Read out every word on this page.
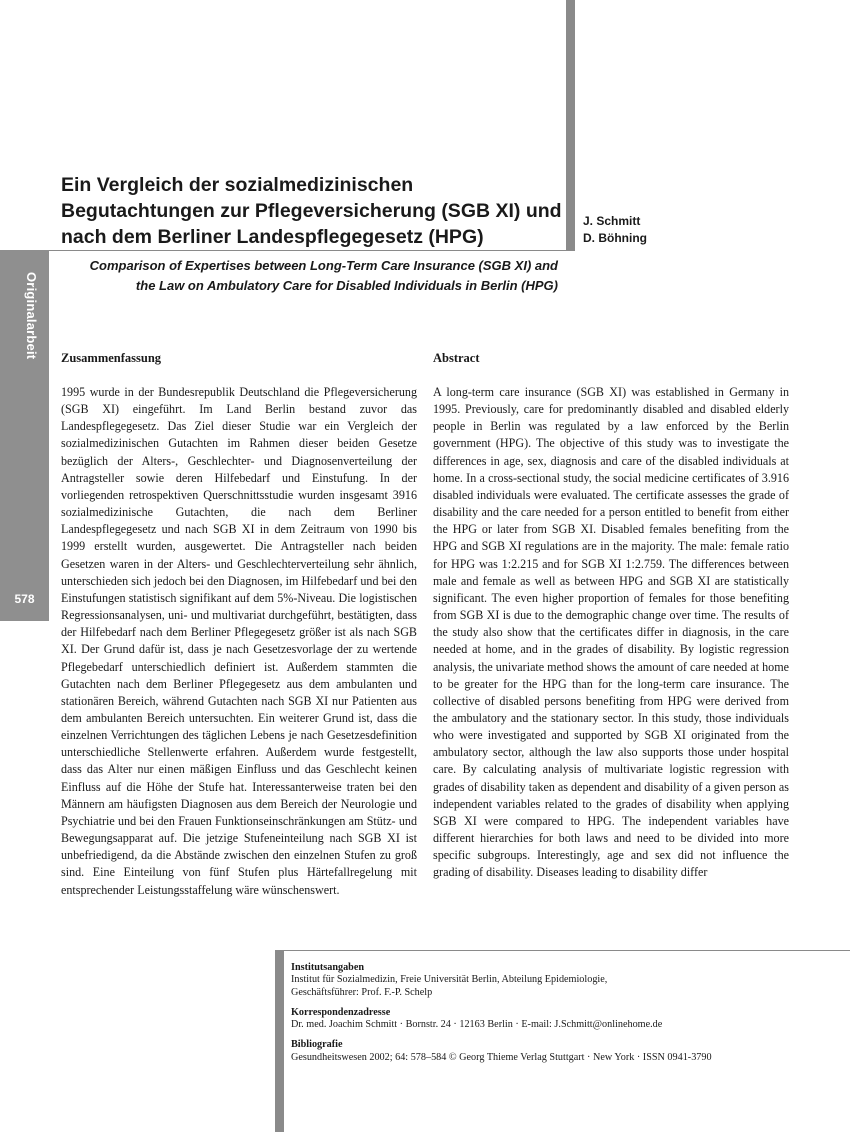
Originalarbeit
578
Ein Vergleich der sozialmedizinischen Begutachtungen zur Pflegeversicherung (SGB XI) und nach dem Berliner Landespflegegesetz (HPG)
J. Schmitt
D. Böhning

Comparison of Expertises between Long-Term Care Insurance (SGB XI) and the Law on Ambulatory Care for Disabled Individuals in Berlin (HPG)

Zusammenfassung

1995 wurde in der Bundesrepublik Deutschland die Pflegeversicherung (SGB XI) eingeführt. Im Land Berlin bestand zuvor das Landespflegegesetz. Das Ziel dieser Studie war ein Vergleich der sozialmedizinischen Gutachten im Rahmen dieser beiden Gesetze bezüglich der Alters-, Geschlechter- und Diagnosenverteilung der Antragsteller sowie deren Hilfebedarf und Einstufung. In der vorliegenden retrospektiven Querschnittsstudie wurden insgesamt 3916 sozialmedizinische Gutachten, die nach dem Berliner Landespflegegesetz und nach SGB XI in dem Zeitraum von 1990 bis 1999 erstellt wurden, ausgewertet. Die Antragsteller nach beiden Gesetzen waren in der Alters- und Geschlechterverteilung sehr ähnlich, unterschieden sich jedoch bei den Diagnosen, im Hilfebedarf und bei den Einstufungen statistisch signifikant auf dem 5%-Niveau. Die logistischen Regressionsanalysen, uni- und multivariat durchgeführt, bestätigten, dass der Hilfebedarf nach dem Berliner Pflegegesetz größer ist als nach SGB XI. Der Grund dafür ist, dass je nach Gesetzesvorlage der zu wertende Pflegebedarf unterschiedlich definiert ist. Außerdem stammten die Gutachten nach dem Berliner Pflegegesetz aus dem ambulanten und stationären Bereich, während Gutachten nach SGB XI nur Patienten aus dem ambulanten Bereich untersuchten. Ein weiterer Grund ist, dass die einzelnen Verrichtungen des täglichen Lebens je nach Gesetzesdefinition unterschiedliche Stellenwerte erfahren. Außerdem wurde festgestellt, dass das Alter nur einen mäßigen Einfluss und das Geschlecht keinen Einfluss auf die Höhe der Stufe hat. Interessanterweise traten bei den Männern am häufigsten Diagnosen aus dem Bereich der Neurologie und Psychiatrie und bei den Frauen Funktionseinschränkungen am Stütz- und Bewegungsapparat auf. Die jetzige Stufeneinteilung nach SGB XI ist unbefriedigend, da die Abstände zwischen den einzelnen Stufen zu groß sind. Eine Einteilung von fünf Stufen plus Härtefallregelung mit entsprechender Leistungsstaffelung wäre wünschenswert.

Abstract

A long-term care insurance (SGB XI) was established in Germany in 1995. Previously, care for predominantly disabled and disabled elderly people in Berlin was regulated by a law enforced by the Berlin government (HPG). The objective of this study was to investigate the differences in age, sex, diagnosis and care of the disabled individuals at home. In a cross-sectional study, the social medicine certificates of 3.916 disabled individuals were evaluated. The certificate assesses the grade of disability and the care needed for a person entitled to benefit from either the HPG or later from SGB XI. Disabled females benefiting from the HPG and SGB XI regulations are in the majority. The male: female ratio for HPG was 1:2.215 and for SGB XI 1:2.759. The differences between male and female as well as between HPG and SGB XI are statistically significant. The even higher proportion of females for those benefiting from SGB XI is due to the demographic change over time. The results of the study also show that the certificates differ in diagnosis, in the care needed at home, and in the grades of disability. By logistic regression analysis, the univariate method shows the amount of care needed at home to be greater for the HPG than for the long-term care insurance. The collective of disabled persons benefiting from HPG were derived from the ambulatory and the stationary sector. In this study, those individuals who were investigated and supported by SGB XI originated from the ambulatory sector, although the law also supports those under hospital care. By calculating analysis of multivariate logistic regression with grades of disability taken as dependent and disability of a given person as independent variables related to the grades of disability when applying SGB XI were compared to HPG. The independent variables have different hierarchies for both laws and need to be divided into more specific subgroups. Interestingly, age and sex did not influence the grading of disability. Diseases leading to disability differ

Institutsangaben
Institut für Sozialmedizin, Freie Universität Berlin, Abteilung Epidemiologie,
Geschäftsführer: Prof. F.-P. Schelp
Korrespondenzadresse
Dr. med. Joachim Schmitt · Bornstr. 24 · 12163 Berlin · E-mail: J.Schmitt@onlinehome.de
Bibliografie
Gesundheitswesen 2002; 64: 578–584 © Georg Thieme Verlag Stuttgart · New York · ISSN 0941-3790
